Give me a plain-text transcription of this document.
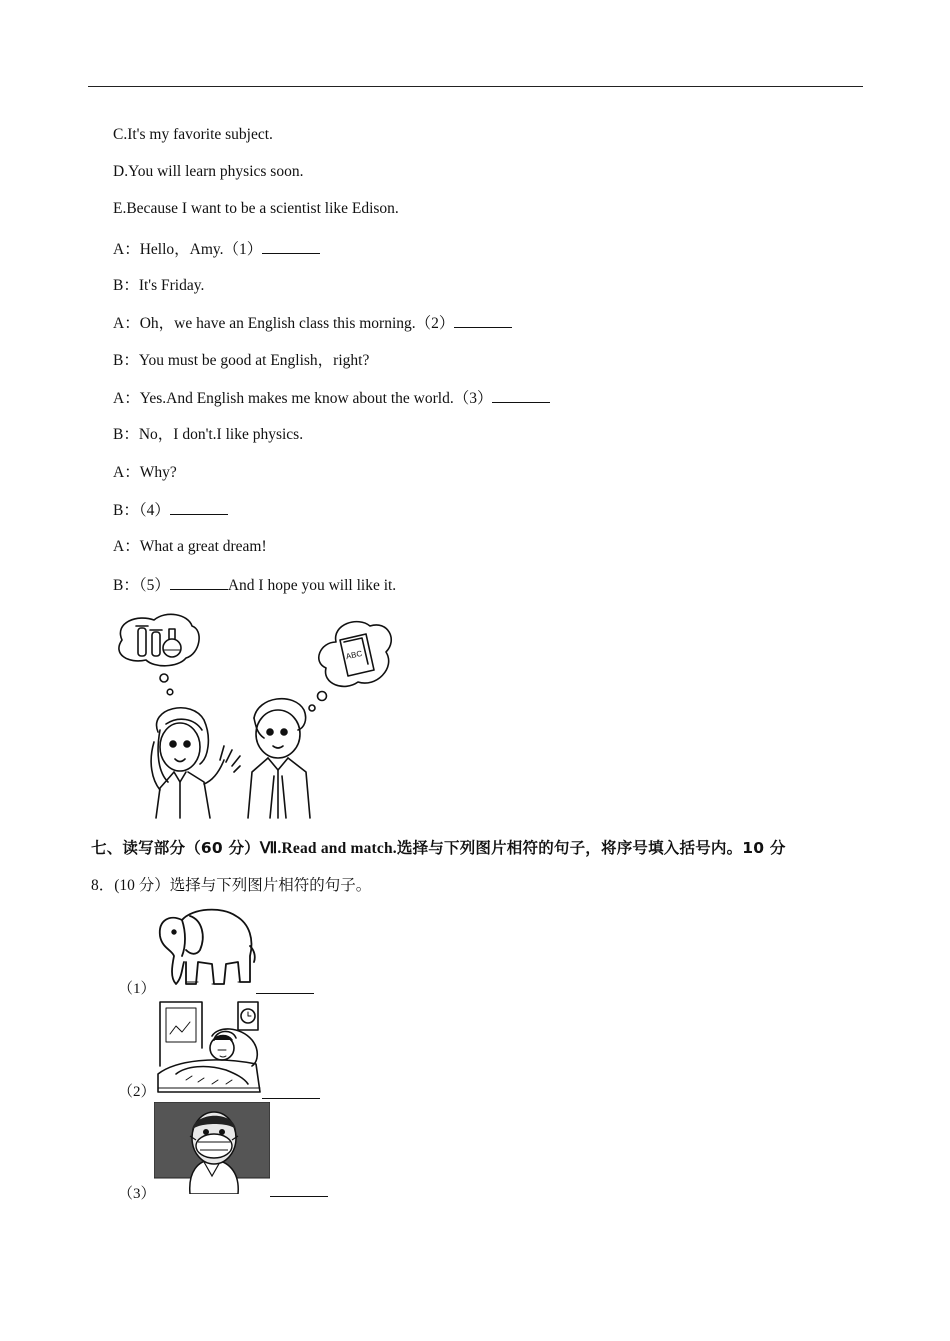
C.It's my favorite subject.
D.You will learn physics soon.
E.Because I want to be a scientist like Edison.
A：Hello，Amy.（1）
B：It's Friday.
A：Oh，we have an English class this morning.（2）
B：You must be good at English，right?
A：Yes.And English makes me know about the world.（3）
B：No，I don't.I like physics.
A：Why?
B：（4）
A：What a great dream!
B：（5）	And I hope you will like it.
ABC
七、读写部分（60 分）Ⅶ.Read and match.选择与下列图片相符的句子，将序号填入括号内。10 分
8．(10 分）选择与下列图片相符的句子。
（1）
（2）
（3）
